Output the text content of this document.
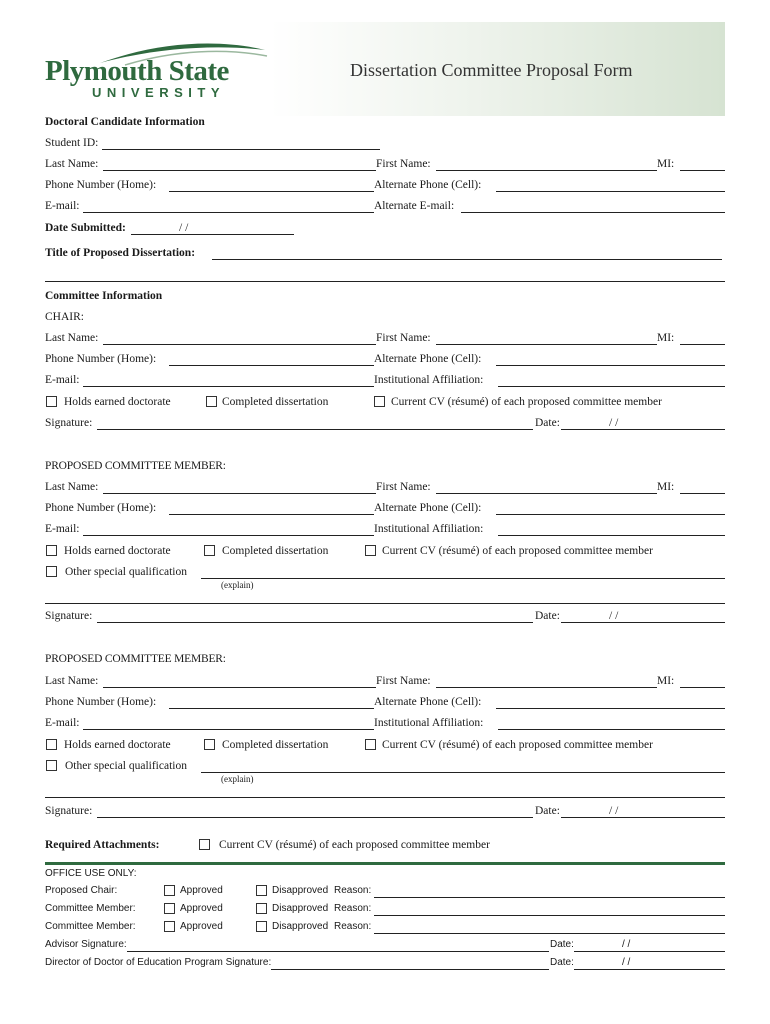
Plymouth State
UNIVERSITY
Dissertation Committee Proposal Form
Doctoral Candidate Information
Student ID:
Last Name:	First Name:	MI:
Phone Number (Home):	Alternate Phone (Cell):
E-mail:	Alternate E-mail:
Date Submitted:	/ /
Title of Proposed Dissertation:
Committee Information
CHAIR:
Last Name:	First Name:	MI:
Phone Number (Home):	Alternate Phone (Cell):
E-mail:	Institutional Affiliation:
Holds earned doctorate	Completed dissertation	Current CV (résumé) of each proposed committee member
Signature:	Date:	/ /
PROPOSED COMMITTEE MEMBER:
Last Name:	First Name:	MI:
Phone Number (Home):	Alternate Phone (Cell):
E-mail:	Institutional Affiliation:
Holds earned doctorate	Completed dissertation	Current CV (résumé) of each proposed committee member
Other special qualification
(explain)
Signature:	Date:	/ /
PROPOSED COMMITTEE MEMBER:
Last Name:	First Name:	MI:
Phone Number (Home):	Alternate Phone (Cell):
E-mail:	Institutional Affiliation:
Holds earned doctorate	Completed dissertation	Current CV (résumé) of each proposed committee member
Other special qualification
(explain)
Signature:	Date:	/ /
Required Attachments:	Current CV (résumé) of each proposed committee member
OFFICE USE ONLY:
Proposed Chair:	Approved	Disapproved Reason:
Committee Member:	Approved	Disapproved Reason:
Committee Member:	Approved	Disapproved Reason:
Advisor Signature:	Date:	/ /
Director of Doctor of Education Program Signature:	Date:	/ /
